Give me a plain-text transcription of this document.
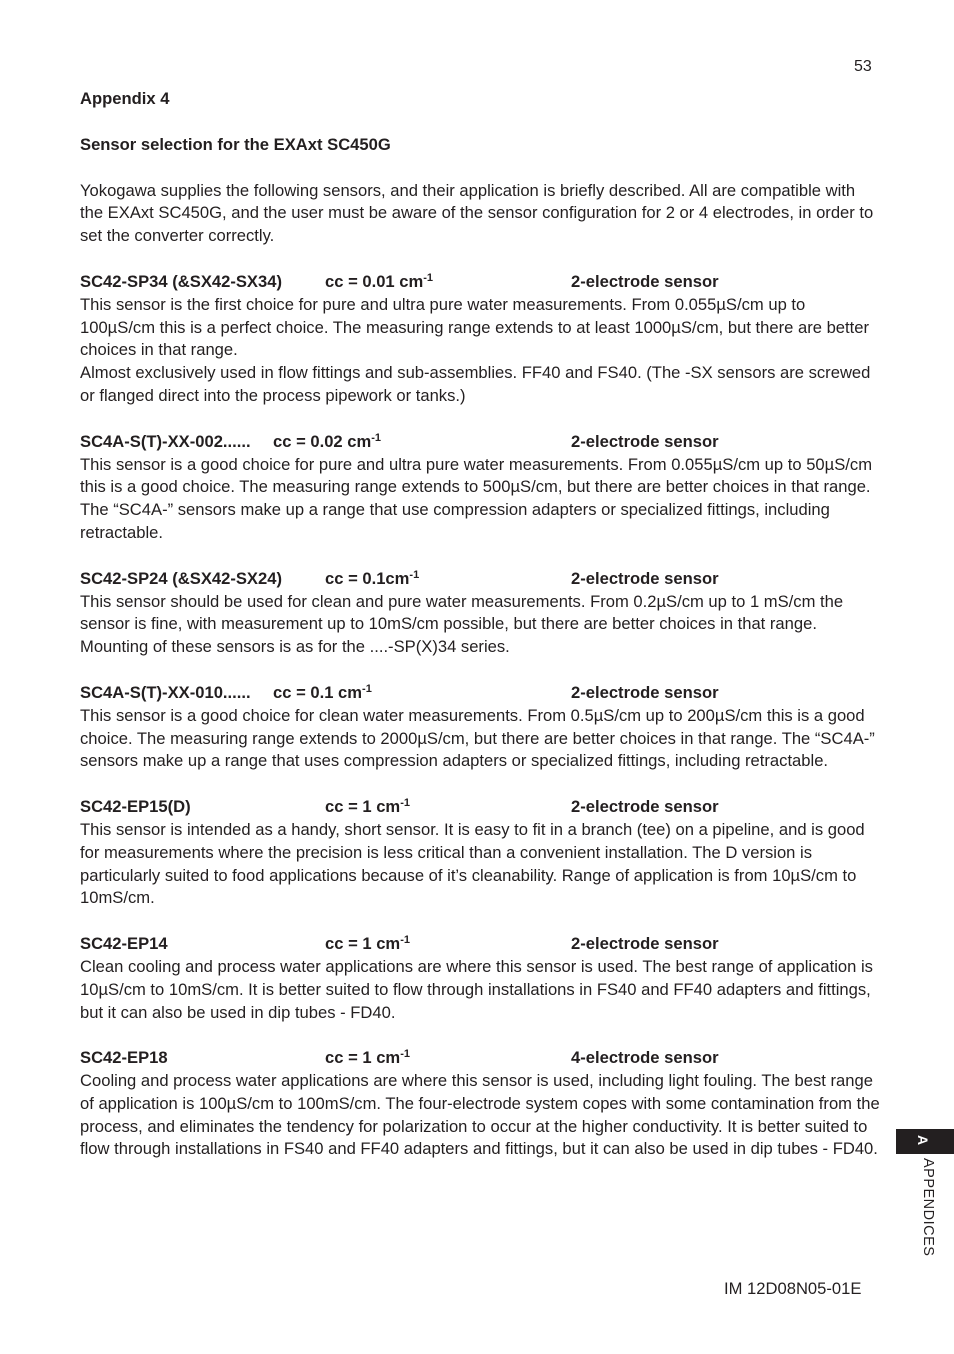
53

Appendix 4

Sensor selection for the EXAxt SC450G

Yokogawa supplies the following sensors, and their application is briefly described. All are compatible with the EXAxt SC450G, and the user must be aware of the sensor configuration for 2 or 4 electrodes, in order to set the converter correctly.

SC42-SP34 (&SX42-SX34)	cc = 0.01 $cm^{-1}$	2-electrode sensor

This sensor is the first choice for pure and ultra pure water measurements. From 0.055µS/cm up to 100µS/cm this is a perfect choice. The measuring range extends to at least 1000µS/cm, but there are better choices in that range.

Almost exclusively used in flow fittings and sub-assemblies. FF40 and FS40. (The -SX sensors are screwed or flanged direct into the process pipework or tanks.)

SC4A-S(T)-XX-002...... cc = 0.02 $cm^{-1}$	2-electrode sensor

This sensor is a good choice for pure and ultra pure water measurements. From 0.055µS/cm up to 50µS/cm this is a good choice. The measuring range extends to 500µS/cm, but there are better choices in that range. The “SC4A-” sensors make up a range that use compression adapters or specialized fittings, including retractable.

SC42-SP24 (&SX42-SX24)	cc = $0.1cm^{-1}$	2-electrode sensor

This sensor should be used for clean and pure water measurements. From 0.2µS/cm up to 1 mS/cm the sensor is fine, with measurement up to 10mS/cm possible, but there are better choices in that range. Mounting of these sensors is as for the ....-SP(X)34 series.

SC4A-S(T)-XX-010...... cc = 0.1 $cm^{-1}$	2-electrode sensor

This sensor is a good choice for clean water measurements. From 0.5µS/cm up to 200µS/cm this is a good choice. The measuring range extends to 2000µS/cm, but there are better choices in that range. The “SC4A-” sensors make up a range that uses compression adapters or specialized fittings, including retractable.

SC42-EP15(D)	cc = 1 $cm^{-1}$	2-electrode sensor

This sensor is intended as a handy, short sensor. It is easy to fit in a branch (tee) on a pipeline, and is good for measurements where the precision is less critical than a convenient installation. The D version is particularly suited to food applications because of it’s cleanability. Range of application is from 10µS/cm to 10mS/cm.

SC42-EP14	cc = 1 $cm^{-1}$	2-electrode sensor

Clean cooling and process water applications are where this sensor is used. The best range of application is 10µS/cm to 10mS/cm. It is better suited to flow through installations in FS40 and FF40 adapters and fittings, but it can also be used in dip tubes - FD40.

SC42-EP18	cc = 1 $cm^{-1}$	4-electrode sensor

Cooling and process water applications are where this sensor is used, including light fouling. The best range of application is 100µS/cm to 100mS/cm. The four-electrode system copes with some contamination from the process, and eliminates the tendency for polarization to occur at the higher conductivity. It is better suited to flow through installations in FS40 and FF40 adapters and fittings, but it can also be used in dip tubes - FD40.	A
APPENDICES
IM 12D08N05-01E
